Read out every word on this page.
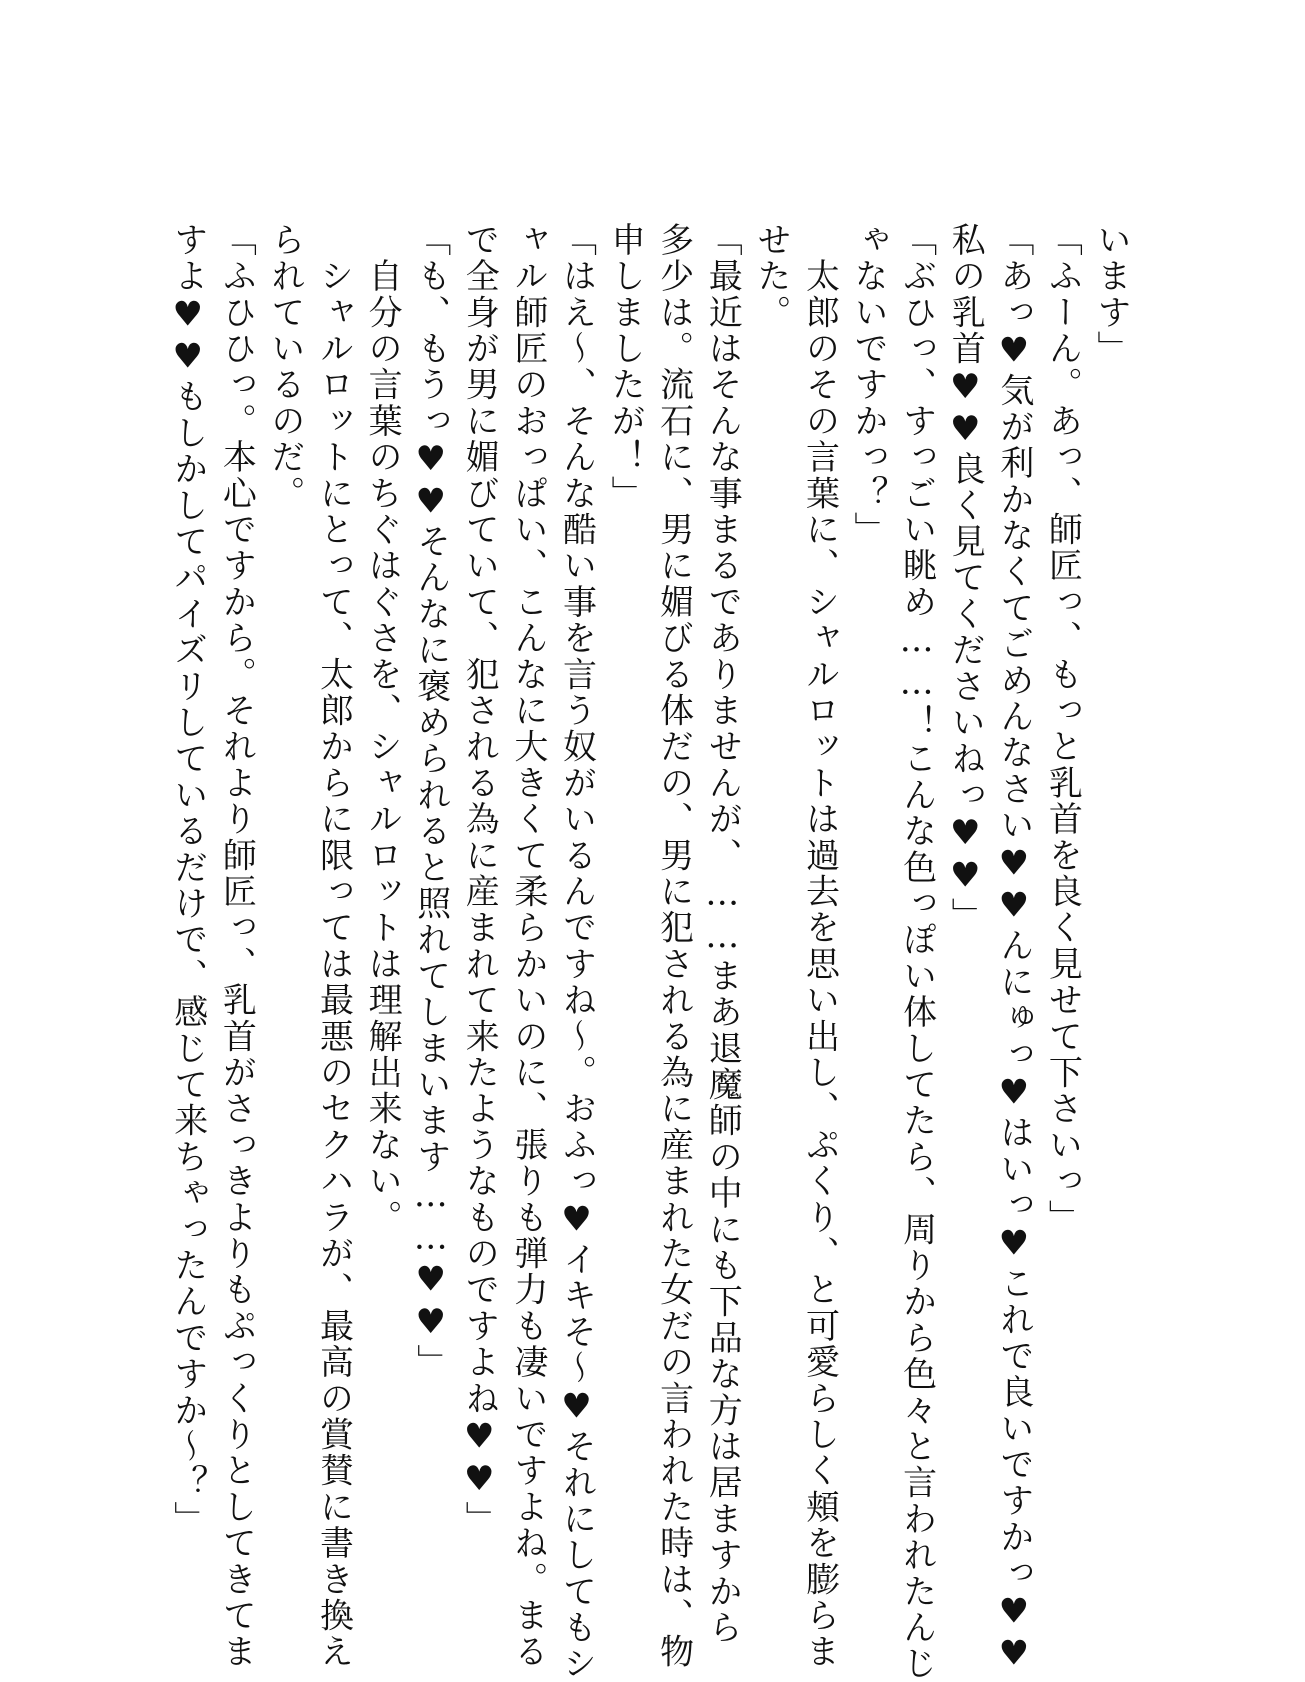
います」
「ふーん。あっ、師匠っ、もっと乳首を良く見せて下さいっ」
「あっ♥気が利かなくてごめんなさい♥♥んにゅっ♥はいっ♥これで良いですかっ♥♥
私の乳首♥♥良く見てくださいねっ♥♥」
「ぶひっ、すっごい眺め……！こんな色っぽい体してたら、周りから色々と言われたんじ
ゃないですかっ？」
　太郎のその言葉に、シャルロットは過去を思い出し、ぷくり、と可愛らしく頬を膨らま
せた。
「最近はそんな事まるでありませんが、……まあ退魔師の中にも下品な方は居ますから
多少は。流石に、男に媚びる体だの、男に犯される為に産まれた女だの言われた時は、物
申しましたが！」
「はえ～、そんな酷い事を言う奴がいるんですね～。おふっ♥イキそ～♥それにしてもシ
ャル師匠のおっぱい、こんなに大きくて柔らかいのに、張りも弾力も凄いですよね。まる
で全身が男に媚びていて、犯される為に産まれて来たようなものですよね♥♥」
「も、もうっ♥♥そんなに褒められると照れてしまいます……♥♥」
　自分の言葉のちぐはぐさを、シャルロットは理解出来ない。
　シャルロットにとって、太郎からに限っては最悪のセクハラが、最高の賞賛に書き換え
られているのだ。
「ふひひっ。本心ですから。それより師匠っ、乳首がさっきよりもぷっくりとしてきてま
すよ♥♥もしかしてパイズリしているだけで、感じて来ちゃったんですか～？」
